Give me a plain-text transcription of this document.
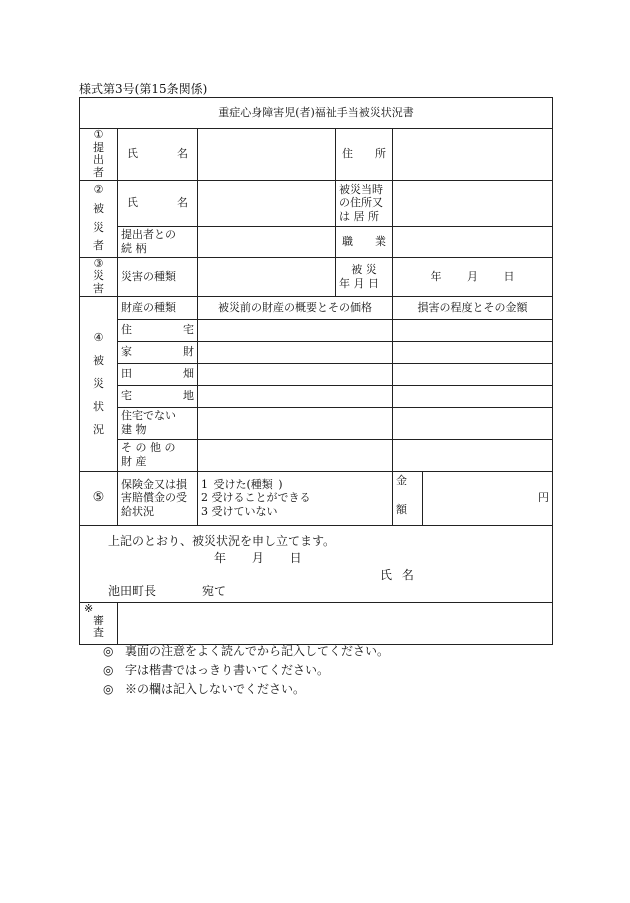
様式第3号(第15条関係)
重症心身障害児(者)福祉手当被災状況書					

①
提
出
者	氏 名		住 所		

②
被
災
者	氏 名		被災当時
の住所又
は 居 所		

	提出者との
続 柄		職 業		

③
災
害	災害の種類		被 災
年 月 日	年 月 日	

④
被
災
状
況	財産の種類	被災前の財産の概要とその価格		損害の程度とその金額	

	住 宅				

	家 財				

	田 畑				

	宅 地				

	住宅でない
建 物				

	そ の 他 の
財 産				

⑤	保険金又は損
害賠償金の受
給状況	1 受けた(種類 )
2 受けることができる
3 受けていない		金
額	円

上記のとおり、被災状況を申し立てます。
年 月 日
氏 名
池田町長 宛て					

※
審
査					

◎ 裏面の注意をよく読んでから記入してください。
◎ 字は楷書ではっきり書いてください。
◎ ※の欄は記入しないでください。
